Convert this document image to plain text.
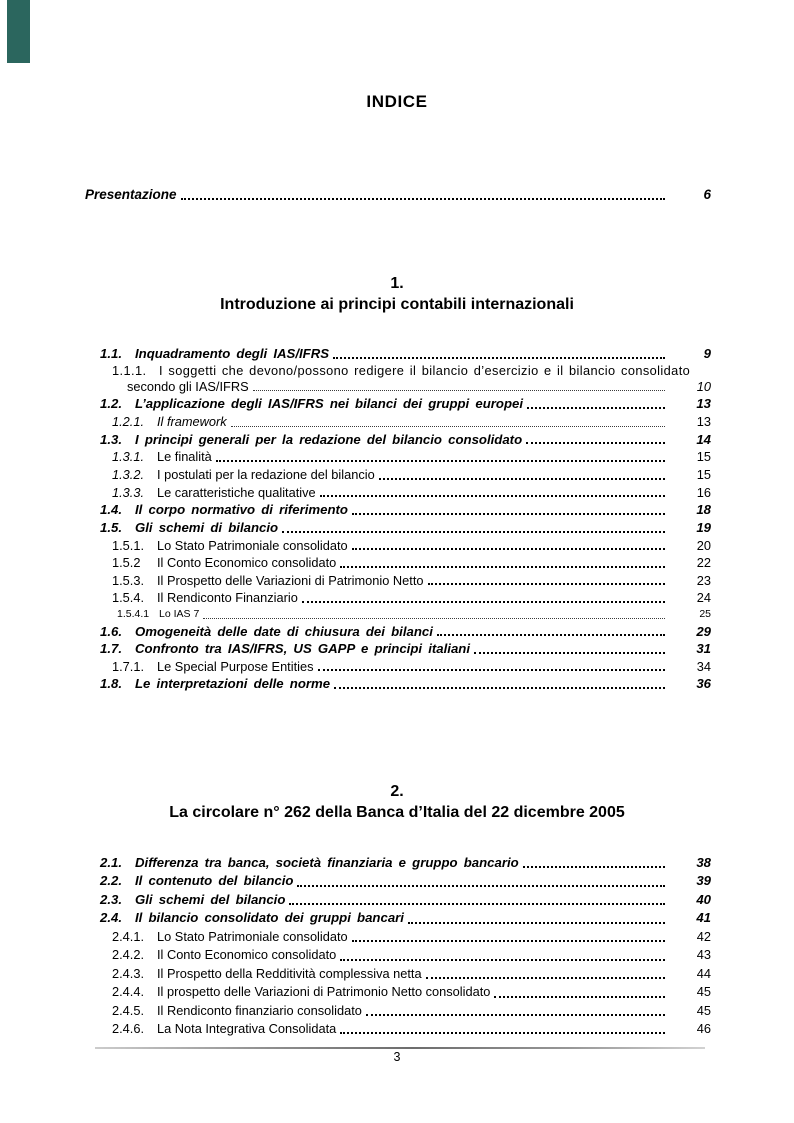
INDICE
Presentazione	6
1.
Introduzione ai principi contabili internazionali
1.1. Inquadramento degli IAS/IFRS	9
1.1.1. I soggetti che devono/possono redigere il bilancio d’esercizio e il bilancio consolidato
secondo gli IAS/IFRS	10
1.2. L’applicazione degli IAS/IFRS nei bilanci dei gruppi europei	13
1.2.1.	Il framework	13
1.3. I principi generali per la redazione del bilancio consolidato	14
1.3.1.	Le finalità	15
1.3.2.	I postulati per la redazione del bilancio	15
1.3.3.	Le caratteristiche qualitative	16
1.4. Il corpo normativo di riferimento	18
1.5. Gli schemi di bilancio	19
1.5.1.	Lo Stato Patrimoniale consolidato	20
1.5.2	Il Conto Economico consolidato	22
1.5.3.	Il Prospetto delle Variazioni di Patrimonio Netto	23
1.5.4.	Il Rendiconto Finanziario	24
1.5.4.1 Lo IAS 7	25
1.6. Omogeneità delle date di chiusura dei bilanci	29
1.7. Confronto tra IAS/IFRS, US GAPP e principi italiani	31
1.7.1.	Le Special Purpose Entities	34
1.8. Le interpretazioni delle norme	36
2.
La circolare n° 262 della Banca d’Italia del 22 dicembre 2005
2.1. Differenza tra banca, società finanziaria e gruppo bancario	38
2.2. Il contenuto del bilancio	39
2.3. Gli schemi del bilancio	40
2.4. Il bilancio consolidato dei gruppi bancari	41
2.4.1.	Lo Stato Patrimoniale consolidato	42
2.4.2.	Il Conto Economico consolidato	43
2.4.3.	Il Prospetto della Redditività complessiva netta	44
2.4.4.	Il prospetto delle Variazioni di Patrimonio Netto consolidato	45
2.4.5.	Il Rendiconto finanziario consolidato	45
2.4.6.	La Nota Integrativa Consolidata	46
3
